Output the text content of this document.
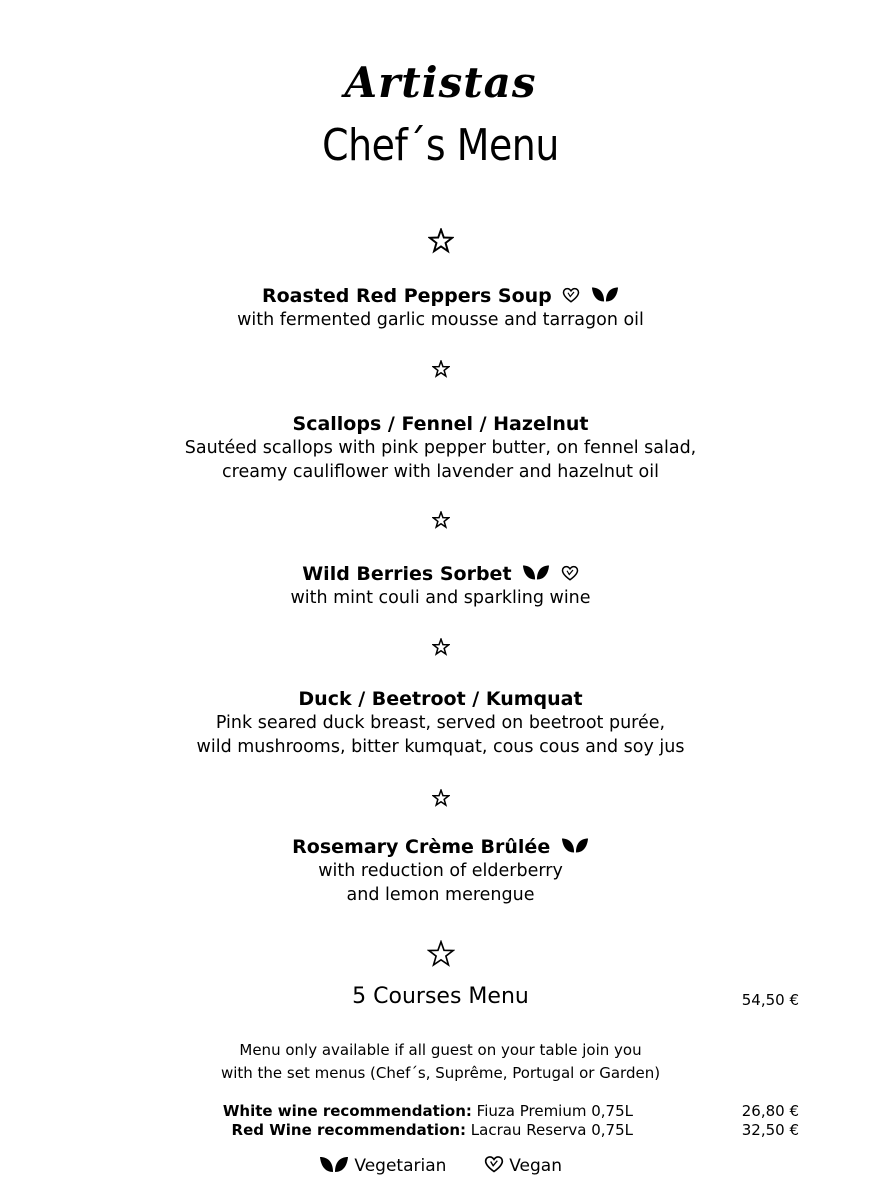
Artistas
Chef´s Menu
Roasted Red Peppers Soup
with fermented garlic mousse and tarragon oil
Scallops / Fennel / Hazelnut
Sautéed scallops with pink pepper butter, on fennel salad,
creamy cauliflower with lavender and hazelnut oil
Wild Berries Sorbet
with mint couli and sparkling wine
Duck / Beetroot / Kumquat
Pink seared duck breast, served on beetroot purée,
wild mushrooms, bitter kumquat, cous cous and soy jus
Rosemary Crème Brûlée
with reduction of elderberry
and lemon merengue
5 Courses Menu	54,50 €
Menu only available if all guest on your table join you
with the set menus (Chef´s, Suprême, Portugal or Garden)
White wine recommendation: Fiuza Premium 0,75L	26,80 €
Red Wine recommendation: Lacrau Reserva 0,75L	32,50 €
Vegetarian	Vegan
